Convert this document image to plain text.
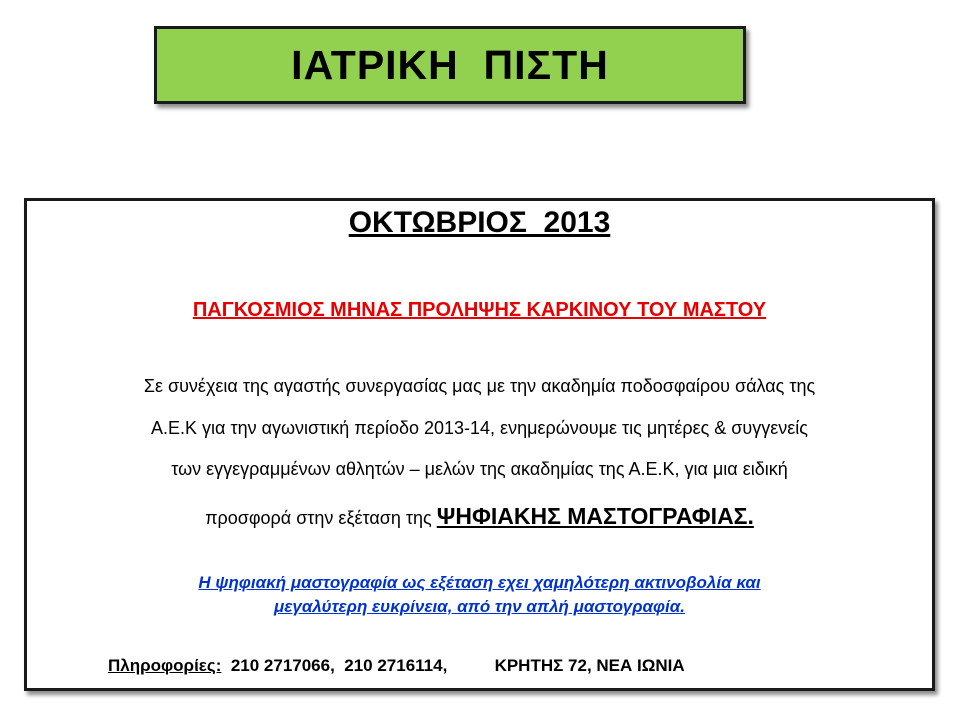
ΙΑΤΡΙΚΗ  ΠΙΣΤΗ
ΟΚΤΩΒΡΙΟΣ  2013
ΠΑΓΚΟΣΜΙΟΣ ΜΗΝΑΣ ΠΡΟΛΗΨΗΣ ΚΑΡΚΙΝΟΥ ΤΟΥ ΜΑΣΤΟΥ
Σε συνέχεια της αγαστής συνεργασίας μας με την ακαδημία ποδοσφαίρου σάλας της
Α.Ε.Κ για την αγωνιστική περίοδο 2013-14, ενημερώνουμε τις μητέρες & συγγενείς
των εγγεγραμμένων αθλητών – μελών της ακαδημίας της Α.Ε.Κ, για μια ειδική
προσφορά στην εξέταση της ΨΗΦΙΑΚΗΣ ΜΑΣΤΟΓΡΑΦΙΑΣ.
Η ψηφιακή μαστογραφία ως εξέταση εχει χαμηλότερη ακτινοβολία και
μεγαλύτερη ευκρίνεια, από την απλή μαστογραφία.
Πληροφορίες:  210 2717066,  210 2716114,	ΚΡΗΤΗΣ 72, ΝΕΑ ΙΩΝΙΑ
